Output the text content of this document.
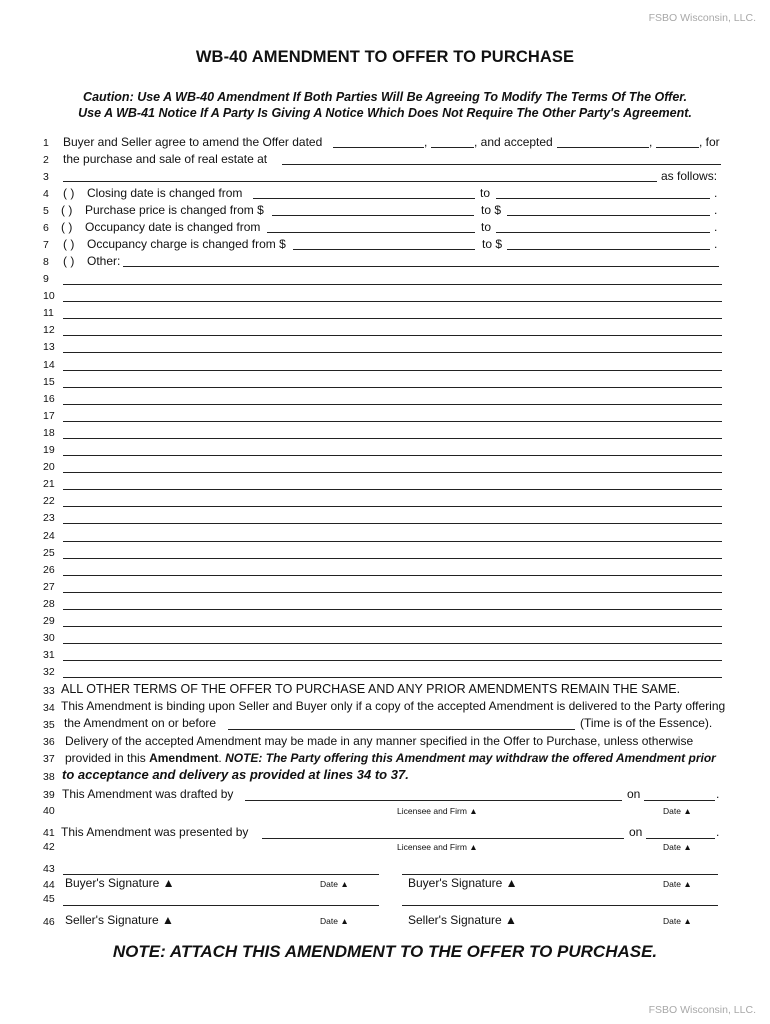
FSBO Wisconsin, LLC.
WB-40 AMENDMENT TO OFFER TO PURCHASE
Caution: Use A WB-40 Amendment If Both Parties Will Be Agreeing To Modify The Terms Of The Offer.
Use A WB-41 Notice If A Party Is Giving A Notice Which Does Not Require The Other Party's Agreement.
1	Buyer and Seller agree to amend the Offer dated	,	, and accepted	,	, for
2	the purchase and sale of real estate at
3	as follows:
4	( ) Closing date is changed from	to	.
5	( ) Purchase price is changed from $	to $	.
6	( ) Occupancy date is changed from	to	.
7	( ) Occupancy charge is changed from $	to $	.
8	( ) Other:
9
10
11
12
13
14
15
16
17
18
19
20
21
22
23
24
25
26
27
28
29
30
31
32
33 ALL OTHER TERMS OF THE OFFER TO PURCHASE AND ANY PRIOR AMENDMENTS REMAIN THE SAME.
34 This Amendment is binding upon Seller and Buyer only if a copy of the accepted Amendment is delivered to the Party offering
35 the Amendment on or before	(Time is of the Essence).
36 Delivery of the accepted Amendment may be made in any manner specified in the Offer to Purchase, unless otherwise
37 provided in this Amendment. NOTE: The Party offering this Amendment may withdraw the offered Amendment prior
38 to acceptance and delivery as provided at lines 34 to 37.
39 This Amendment was drafted by	on	.
40	Licensee and Firm ▲	Date ▲
41 This Amendment was presented by	on	.
42	Licensee and Firm ▲	Date ▲
43
44 Buyer's Signature ▲	Date ▲	Buyer's Signature ▲	Date ▲
45
46 Seller's Signature ▲	Date ▲	Seller's Signature ▲	Date ▲
NOTE: ATTACH THIS AMENDMENT TO THE OFFER TO PURCHASE.
FSBO Wisconsin, LLC.
